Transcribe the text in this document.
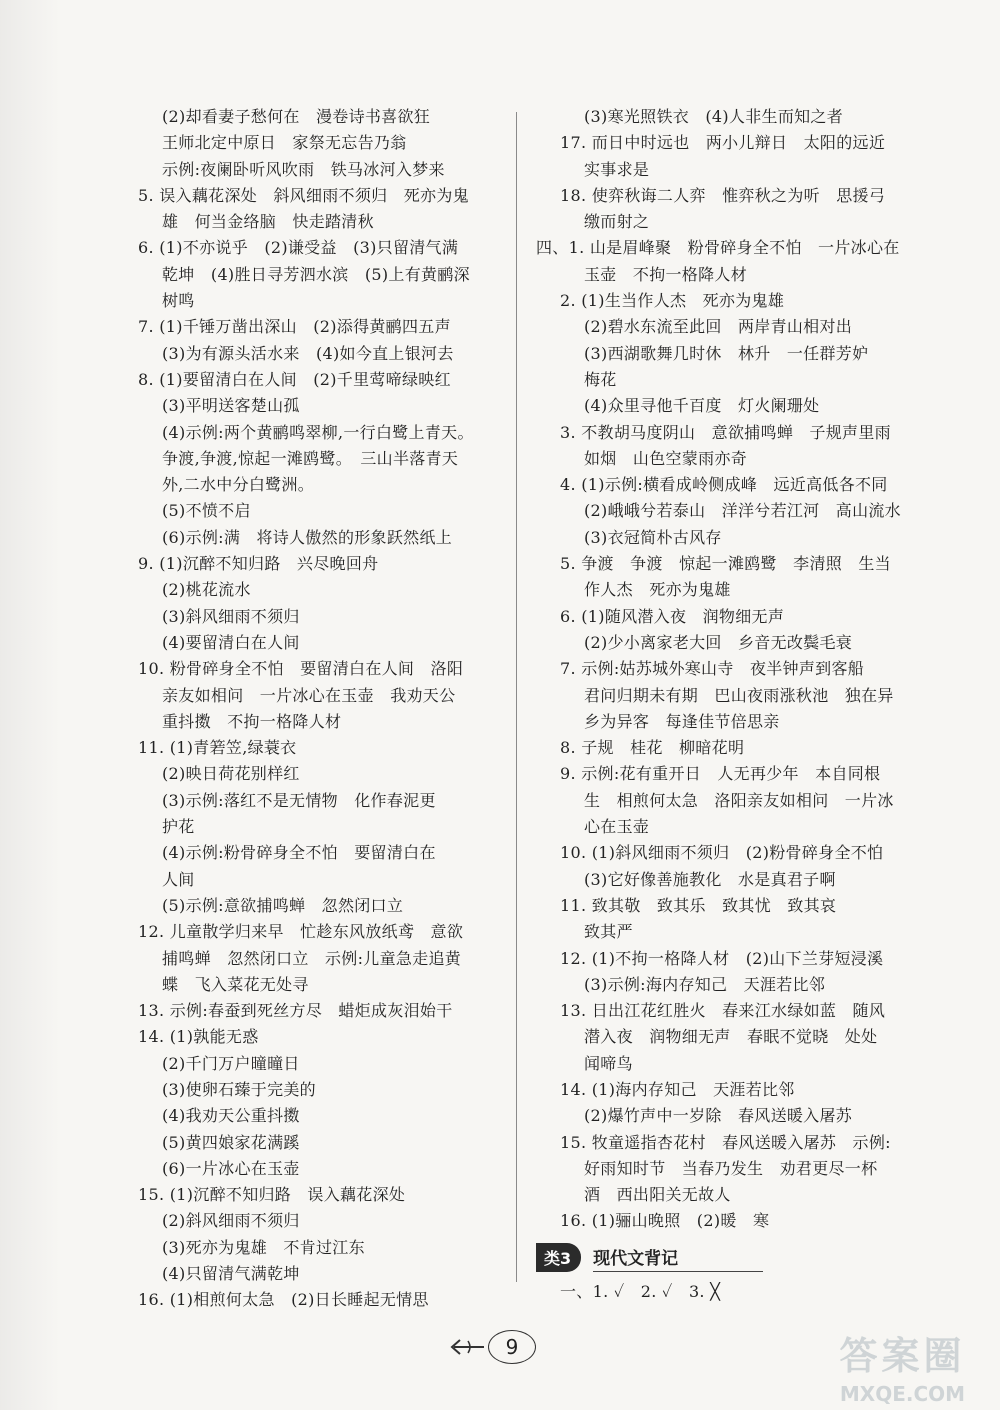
(2)却看妻子愁何在　漫卷诗书喜欲狂
王师北定中原日　家祭无忘告乃翁
示例:夜阑卧听风吹雨　铁马冰河入梦来
5. 误入藕花深处　斜风细雨不须归　死亦为鬼
雄　何当金络脑　快走踏清秋
6. (1)不亦说乎　(2)谦受益　(3)只留清气满
乾坤　(4)胜日寻芳泗水滨　(5)上有黄鹂深
树鸣
7. (1)千锤万凿出深山　(2)添得黄鹂四五声
(3)为有源头活水来　(4)如今直上银河去
8. (1)要留清白在人间　(2)千里莺啼绿映红
(3)平明送客楚山孤
(4)示例:两个黄鹂鸣翠柳,一行白鹭上青天。
争渡,争渡,惊起一滩鸥鹭。　三山半落青天
外,二水中分白鹭洲。
(5)不愤不启
(6)示例:满　将诗人傲然的形象跃然纸上
9. (1)沉醉不知归路　兴尽晚回舟
(2)桃花流水
(3)斜风细雨不须归
(4)要留清白在人间
10. 粉骨碎身全不怕　要留清白在人间　洛阳
亲友如相问　一片冰心在玉壶　我劝天公
重抖擞　不拘一格降人材
11. (1)青箬笠,绿蓑衣
(2)映日荷花别样红
(3)示例:落红不是无情物　化作春泥更
护花
(4)示例:粉骨碎身全不怕　要留清白在
人间
(5)示例:意欲捕鸣蝉　忽然闭口立
12. 儿童散学归来早　忙趁东风放纸鸢　意欲
捕鸣蝉　忽然闭口立　示例:儿童急走追黄
蝶　飞入菜花无处寻
13. 示例:春蚕到死丝方尽　蜡炬成灰泪始干
14. (1)孰能无惑
(2)千门万户曈曈日
(3)使卵石臻于完美的
(4)我劝天公重抖擞
(5)黄四娘家花满蹊
(6)一片冰心在玉壶
15. (1)沉醉不知归路　误入藕花深处
(2)斜风细雨不须归
(3)死亦为鬼雄　不肯过江东
(4)只留清气满乾坤
16. (1)相煎何太急　(2)日长睡起无情思
(3)寒光照铁衣　(4)人非生而知之者
17. 而日中时远也　两小儿辩日　太阳的远近
实事求是
18. 使弈秋诲二人弈　惟弈秋之为听　思援弓
缴而射之
四、1. 山是眉峰聚　粉骨碎身全不怕　一片冰心在
玉壶　不拘一格降人材
2. (1)生当作人杰　死亦为鬼雄
(2)碧水东流至此回　两岸青山相对出
(3)西湖歌舞几时休　林升　一任群芳妒
梅花
(4)众里寻他千百度　灯火阑珊处
3. 不教胡马度阴山　意欲捕鸣蝉　子规声里雨
如烟　山色空蒙雨亦奇
4. (1)示例:横看成岭侧成峰　远近高低各不同
(2)峨峨兮若泰山　洋洋兮若江河　高山流水
(3)衣冠简朴古风存
5. 争渡　争渡　惊起一滩鸥鹭　李清照　生当
作人杰　死亦为鬼雄
6. (1)随风潜入夜　润物细无声
(2)少小离家老大回　乡音无改鬓毛衰
7. 示例:姑苏城外寒山寺　夜半钟声到客船
君问归期未有期　巴山夜雨涨秋池　独在异
乡为异客　每逢佳节倍思亲
8. 子规　桂花　柳暗花明
9. 示例:花有重开日　人无再少年　本自同根
生　相煎何太急　洛阳亲友如相问　一片冰
心在玉壶
10. (1)斜风细雨不须归　(2)粉骨碎身全不怕
(3)它好像善施教化　水是真君子啊
11. 致其敬　致其乐　致其忧　致其哀
致其严
12. (1)不拘一格降人材　(2)山下兰芽短浸溪
(3)示例:海内存知己　天涯若比邻
13. 日出江花红胜火　春来江水绿如蓝　随风
潜入夜　润物细无声　春眠不觉晓　处处
闻啼鸟
14. (1)海内存知己　天涯若比邻
(2)爆竹声中一岁除　春风送暖入屠苏
15. 牧童遥指杏花村　春风送暖入屠苏　示例:
好雨知时节　当春乃发生　劝君更尽一杯
酒　西出阳关无故人
16. (1)骊山晚照　(2)暖　寒
类3	现代文背记
一、1. ✓　2. ✓　3. ╳
9	答案圈
MXQE.COM
